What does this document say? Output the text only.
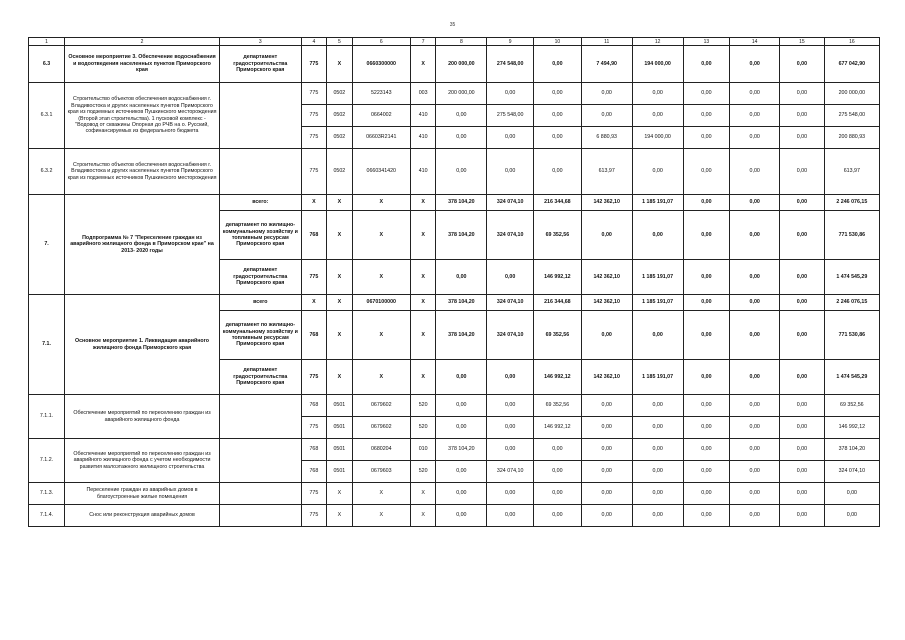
35
1	2	3	4	5	6	7	8	9	10	11	12	13	14	15	16
6.3	Основное мероприятие 3. Обеспечение водоснабжения и водоотведения населенных пунктов Приморского края	департамент градостроительства Приморского края	775	X	0660300000	X	200 000,00	274 548,00	0,00	7 494,90	194 000,00	0,00	0,00	0,00	677 042,90
6.3.1	Строительство объектов обеспечения водоснабжения г. Владивостока и других населенных пунктов Приморского края из подземных источников Пушкинского месторождения (Второй этап строительства). 1 пусковой комплекс - "Водовод от скважины Опорная до РЧВ на о. Русский, софинансируемых из федерального бюджета		775	0502	5223143	003	200 000,00	0,00	0,00	0,00	0,00	0,00	0,00	0,00	200 000,00
			775	0502	0664002	410	0,00	275 548,00	0,00	0,00	0,00	0,00	0,00	0,00	275 548,00
			775	0502	06603R2141	410	0,00	0,00	0,00	6 880,93	194 000,00	0,00	0,00	0,00	200 880,93
6.3.2	Строительство объектов обеспечения водоснабжения г. Владивостока и других населенных пунктов Приморского края из подземных источников Пушкинского месторождения		775	0502	0660341420	410	0,00	0,00	0,00	613,97	0,00	0,00	0,00	0,00	613,97
7.	Подпрограмма № 7 "Переселение граждан из аварийного жилищного фонда в Приморском крае" на 2013- 2020 годы	всего:	X	X	X	X	378 104,20	324 074,10	216 344,68	142 362,10	1 185 191,07	0,00	0,00	0,00	2 246 076,15
		департамент по жилищно-коммунальному хозяйству и топливным ресурсам Приморского края	768	X	X	X	378 104,20	324 074,10	69 352,56	0,00	0,00	0,00	0,00	0,00	771 530,86
		департамент градостроительства Приморского края	775	X	X	X	0,00	0,00	146 992,12	142 362,10	1 185 191,07	0,00	0,00	0,00	1 474 545,29
7.1.	Основное мероприятие 1. Ликвидация аварийного жилищного фонда Приморского края	всего	X	X	0670100000	X	378 104,20	324 074,10	216 344,68	142 362,10	1 185 191,07	0,00	0,00	0,00	2 246 076,15
		департамент по жилищно-коммунальному хозяйству и топливным ресурсам Приморского края	768	X	X	X	378 104,20	324 074,10	69 352,56	0,00	0,00	0,00	0,00	0,00	771 530,86
		департамент градостроительства Приморского края	775	X	X	X	0,00	0,00	146 992,12	142 362,10	1 185 191,07	0,00	0,00	0,00	1 474 545,29
7.1.1.	Обеспечение мероприятий по переселению граждан из аварийного жилищного фонда		768	0501	0679602	520	0,00	0,00	69 352,56	0,00	0,00	0,00	0,00	0,00	69 352,56
			775	0501	0679602	520	0,00	0,00	146 992,12	0,00	0,00	0,00	0,00	0,00	146 992,12
7.1.2.	Обеспечение мероприятий по переселению граждан из аварийного жилищного фонда с учетом необходимости развития малоэтажного жилищного строительства		768	0501	0680204	010	378 104,20	0,00	0,00	0,00	0,00	0,00	0,00	0,00	378 104,20
			768	0501	0679603	520	0,00	324 074,10	0,00	0,00	0,00	0,00	0,00	0,00	324 074,10
7.1.3.	Переселение граждан из аварийных домов в благоустроенные жилые помещения		775	X	X	X	0,00	0,00	0,00	0,00	0,00	0,00	0,00	0,00	0,00
7.1.4.	Снос или реконструкция аварийных домов		775	X	X	X	0,00	0,00	0,00	0,00	0,00	0,00	0,00	0,00	0,00
